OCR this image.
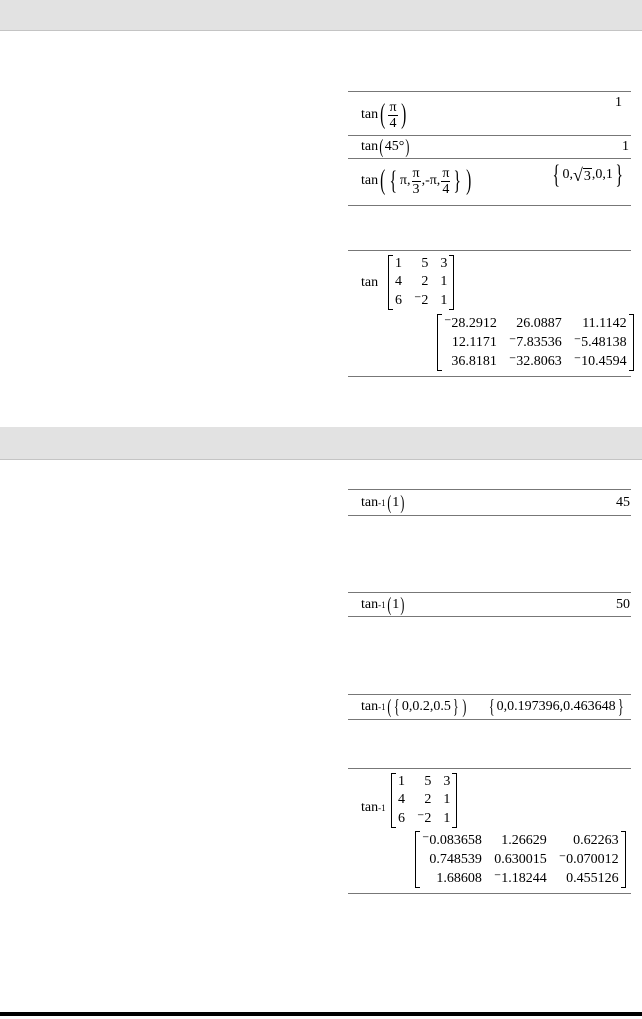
tan ( $\frac{\pi}{4}$ )	1
tan ( 45° )	1
tan ( { π, $\frac{\pi}{3} ,-\pi$, $\frac{\pi}{4}$ } )	{ 0, √ 3 ,0,1 }
tan
1	5	3
4	2	1
6	⁻2	1
⁻28.2912	26.0887	11.1142
12.1171	⁻7.83536	⁻5.48138
36.8181	⁻32.8063	⁻10.4594
tan -1 ( 1 )	45
tan -1 ( 1 )	50
tan -1 ( { 0,0.2,0.5 } ) { 0,0.197396,0.463648 }
tan -1
1	5	3
4	2	1
6	⁻2	1
⁻0.083658	1.26629	0.62263
0.748539	0.630015	⁻0.070012
1.68608	⁻1.18244	0.455126
